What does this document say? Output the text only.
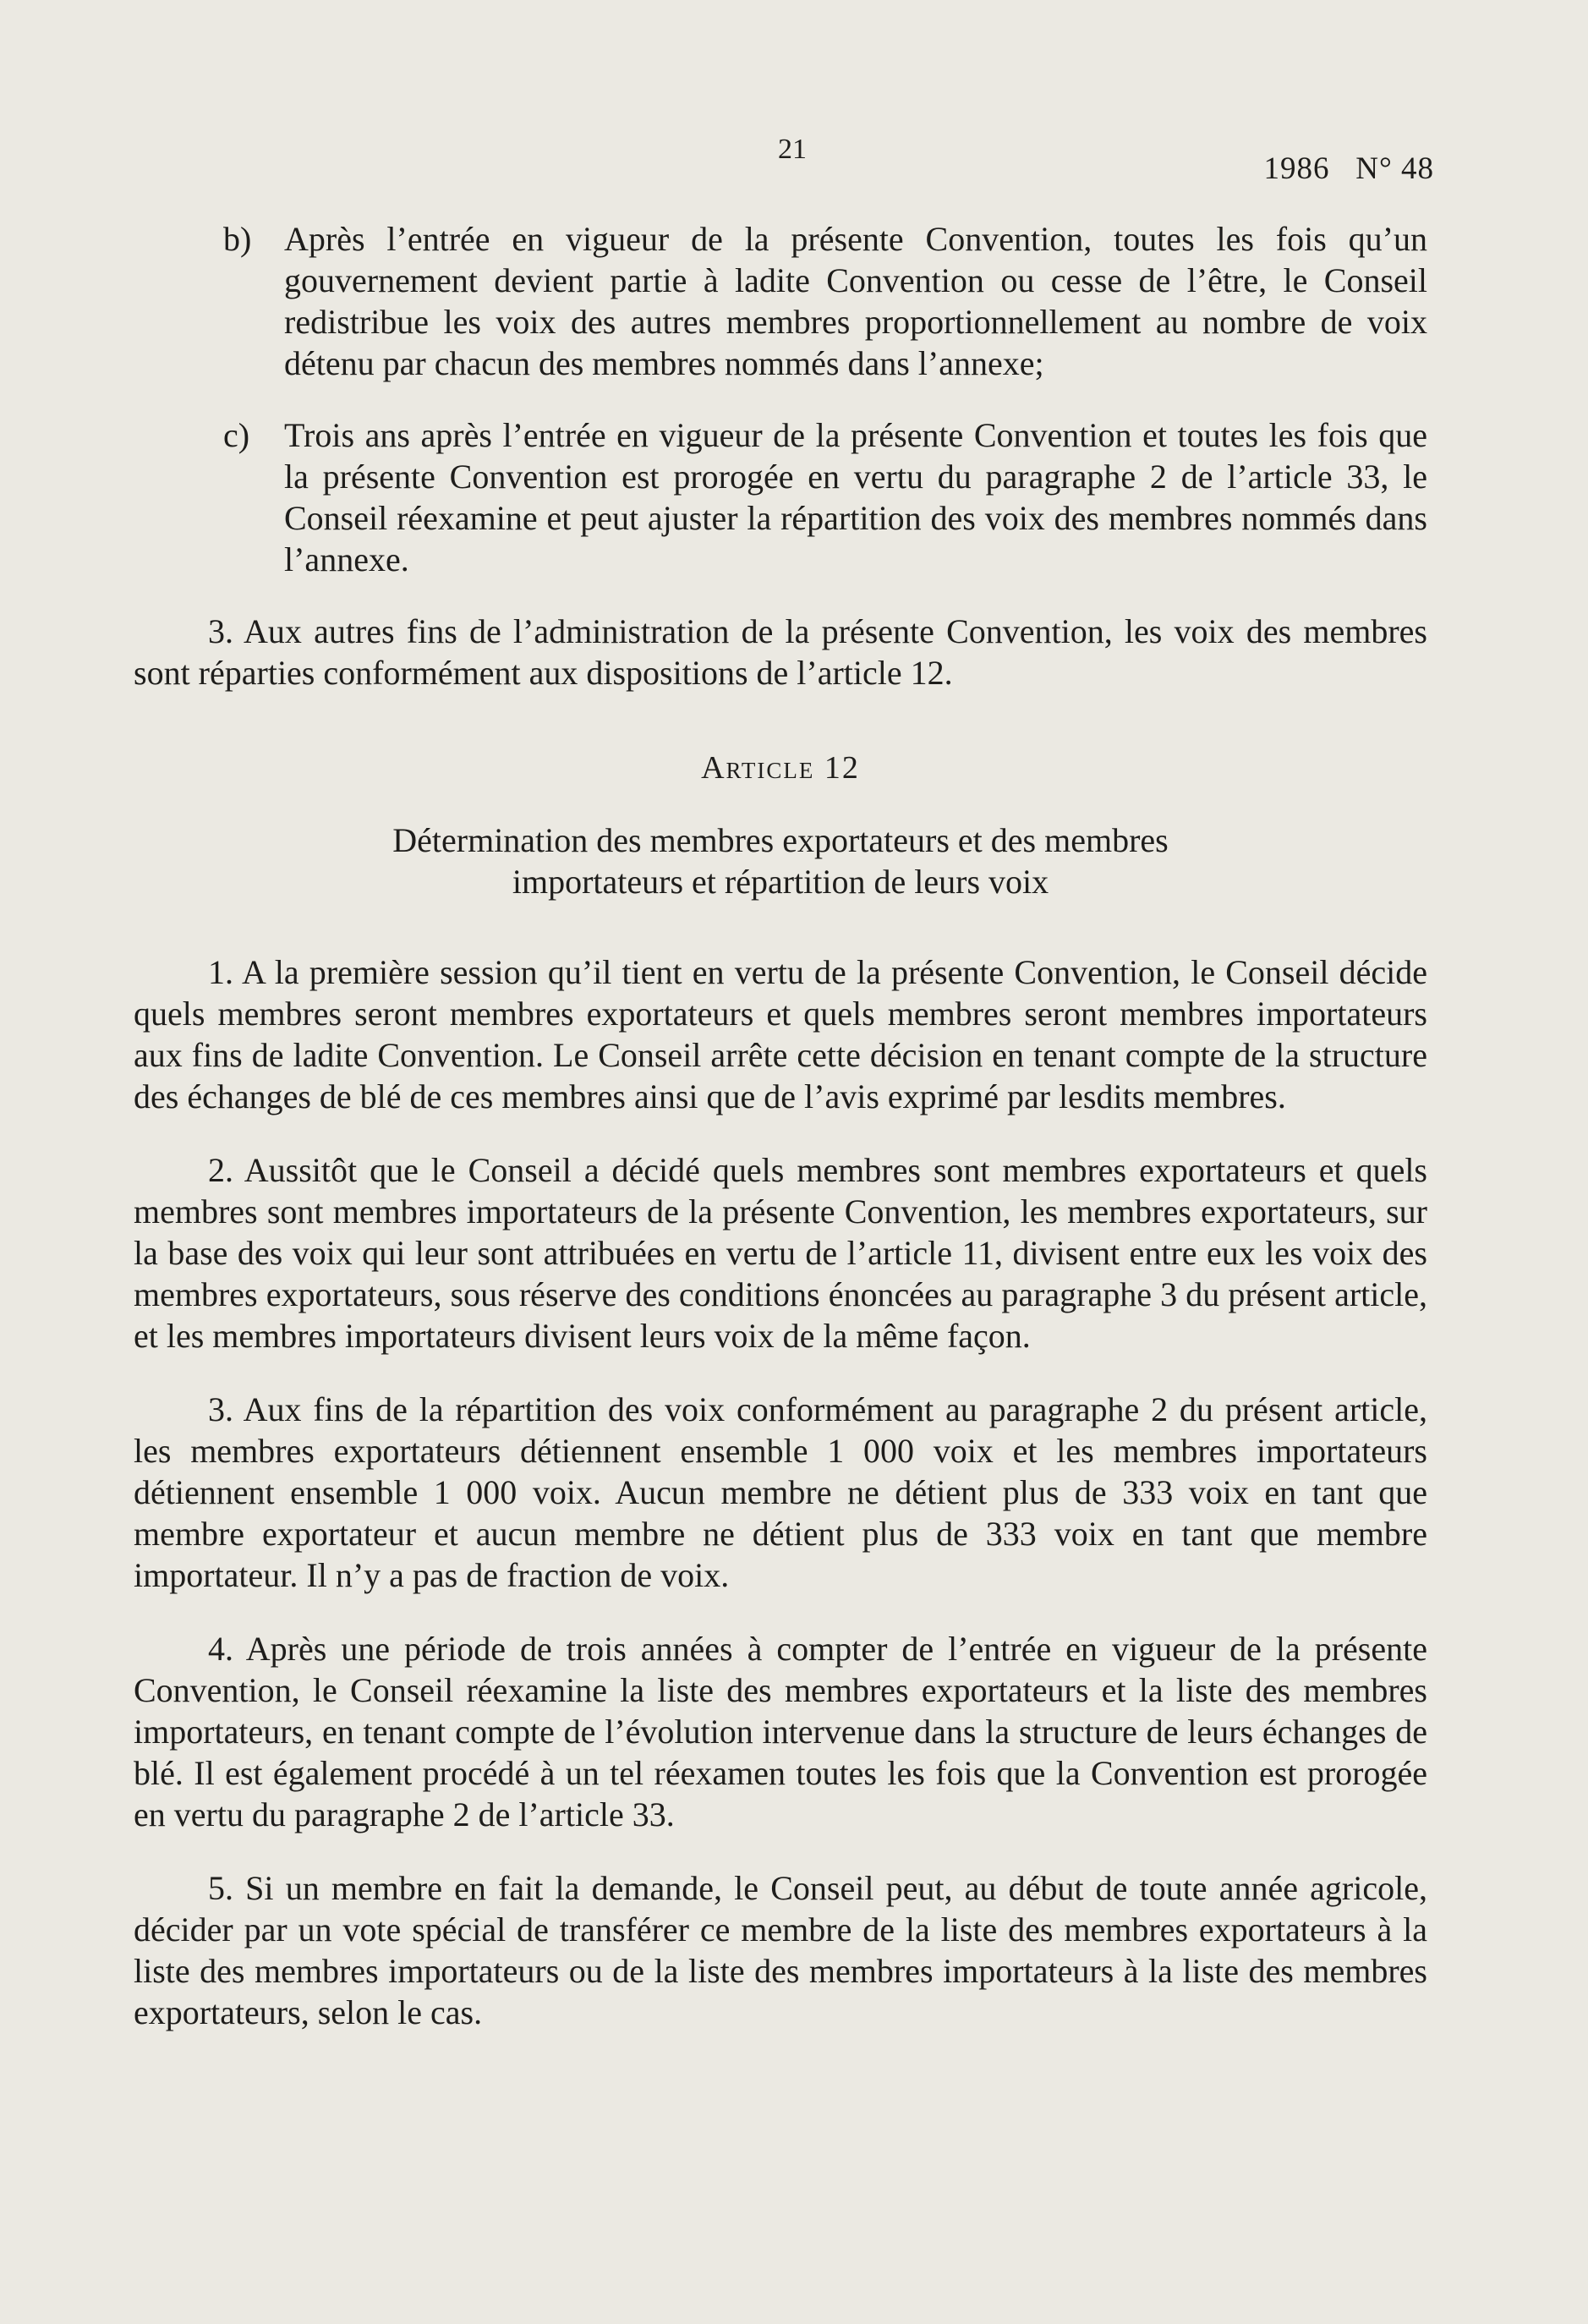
21
1986   N° 48
b) Après l’entrée en vigueur de la présente Convention, toutes les fois qu’un gouvernement devient partie à ladite Convention ou cesse de l’être, le Conseil redistribue les voix des autres membres proportionnellement au nombre de voix détenu par chacun des membres nommés dans l’annexe;
c) Trois ans après l’entrée en vigueur de la présente Convention et toutes les fois que la présente Convention est prorogée en vertu du paragraphe 2 de l’article 33, le Conseil réexamine et peut ajuster la répartition des voix des membres nommés dans l’annexe.

3. Aux autres fins de l’administration de la présente Convention, les voix des membres sont réparties conformément aux dispositions de l’article 12.

Article 12
Détermination des membres exportateurs et des membres
importateurs et répartition de leurs voix

1. A la première session qu’il tient en vertu de la présente Convention, le Conseil décide quels membres seront membres exportateurs et quels membres seront membres importateurs aux fins de ladite Convention. Le Conseil arrête cette décision en tenant compte de la structure des échanges de blé de ces membres ainsi que de l’avis exprimé par lesdits membres.

2. Aussitôt que le Conseil a décidé quels membres sont membres exportateurs et quels membres sont membres importateurs de la présente Convention, les membres exportateurs, sur la base des voix qui leur sont attribuées en vertu de l’article 11, divisent entre eux les voix des membres exportateurs, sous réserve des conditions énoncées au paragraphe 3 du présent article, et les membres importateurs divisent leurs voix de la même façon.

3. Aux fins de la répartition des voix conformément au paragraphe 2 du présent article, les membres exportateurs détiennent ensemble 1 000 voix et les membres importateurs détiennent ensemble 1 000 voix. Aucun membre ne détient plus de 333 voix en tant que membre exportateur et aucun membre ne détient plus de 333 voix en tant que membre importateur. Il n’y a pas de fraction de voix.

4. Après une période de trois années à compter de l’entrée en vigueur de la présente Convention, le Conseil réexamine la liste des membres exportateurs et la liste des membres importateurs, en tenant compte de l’évolution intervenue dans la structure de leurs échanges de blé. Il est également procédé à un tel réexamen toutes les fois que la Convention est prorogée en vertu du paragraphe 2 de l’article 33.

5. Si un membre en fait la demande, le Conseil peut, au début de toute année agricole, décider par un vote spécial de transférer ce membre de la liste des membres exportateurs à la liste des membres importateurs ou de la liste des membres importateurs à la liste des membres exportateurs, selon le cas.
